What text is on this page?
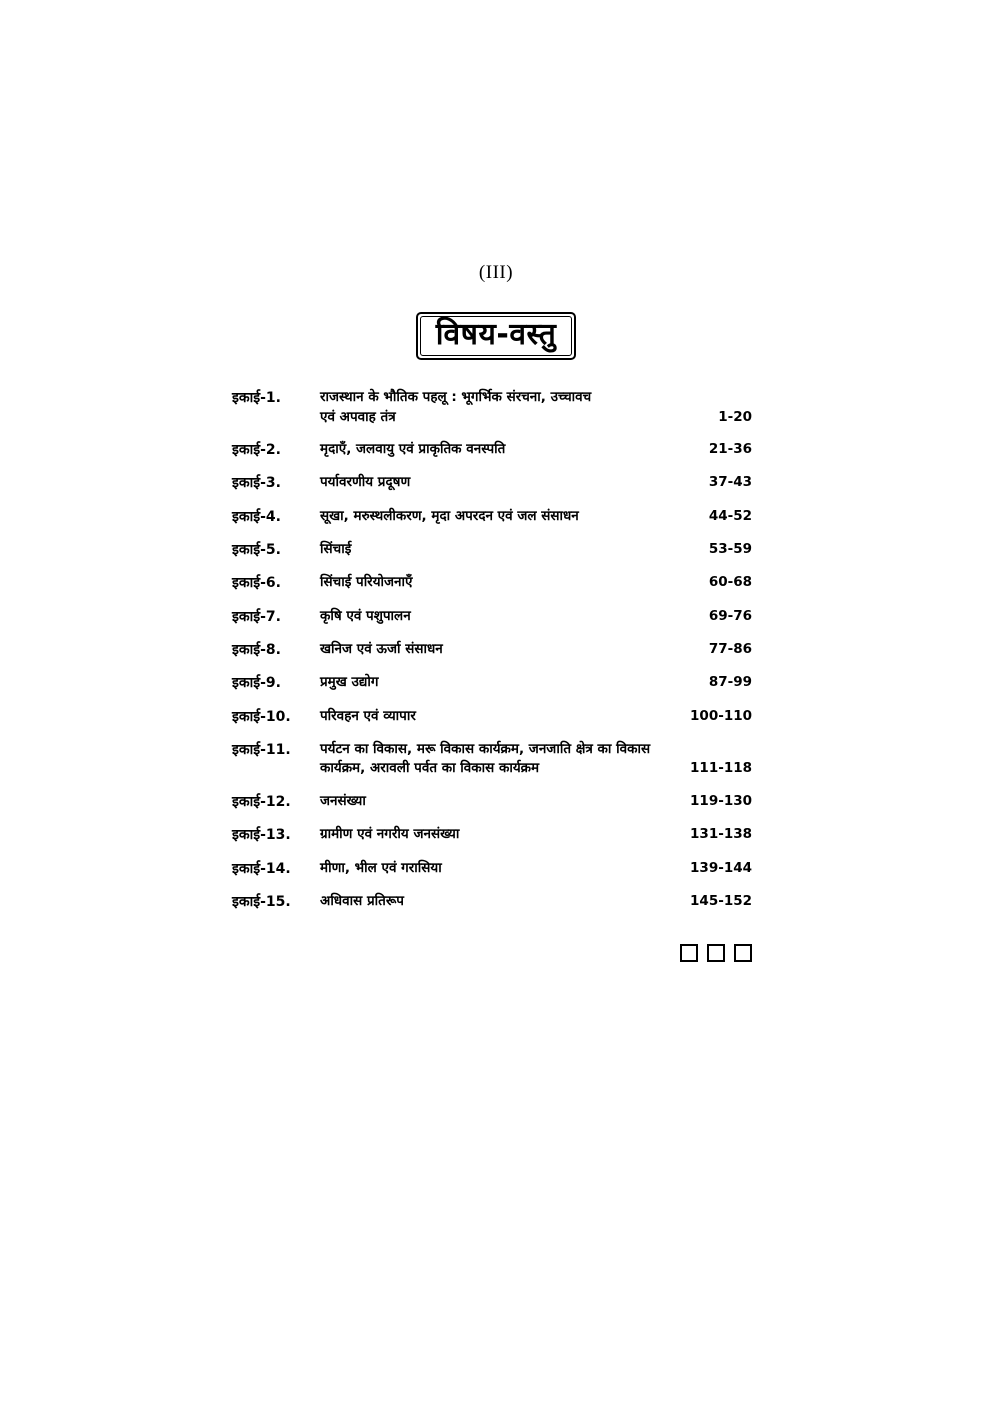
(III)
विषय-वस्तु
इकाई-1.	राजस्थान के भौतिक पहलू : भूगर्भिक संरचना, उच्चावच
एवं अपवाह तंत्र	1-20
इकाई-2.	मृदाएँ, जलवायु एवं प्राकृतिक वनस्पति	21-36
इकाई-3.	पर्यावरणीय प्रदूषण	37-43
इकाई-4.	सूखा, मरुस्थलीकरण, मृदा अपरदन एवं जल संसाधन	44-52
इकाई-5.	सिंचाई	53-59
इकाई-6.	सिंचाई परियोजनाएँ	60-68
इकाई-7.	कृषि एवं पशुपालन	69-76
इकाई-8.	खनिज एवं ऊर्जा संसाधन	77-86
इकाई-9.	प्रमुख उद्योग	87-99
इकाई-10.	परिवहन एवं व्यापार	100-110
इकाई-11.	पर्यटन का विकास, मरू विकास कार्यक्रम, जनजाति क्षेत्र का विकास
कार्यक्रम, अरावली पर्वत का विकास कार्यक्रम	111-118
इकाई-12.	जनसंख्या	119-130
इकाई-13.	ग्रामीण एवं नगरीय जनसंख्या	131-138
इकाई-14.	मीणा, भील एवं गरासिया	139-144
इकाई-15.	अधिवास प्रतिरूप	145-152
